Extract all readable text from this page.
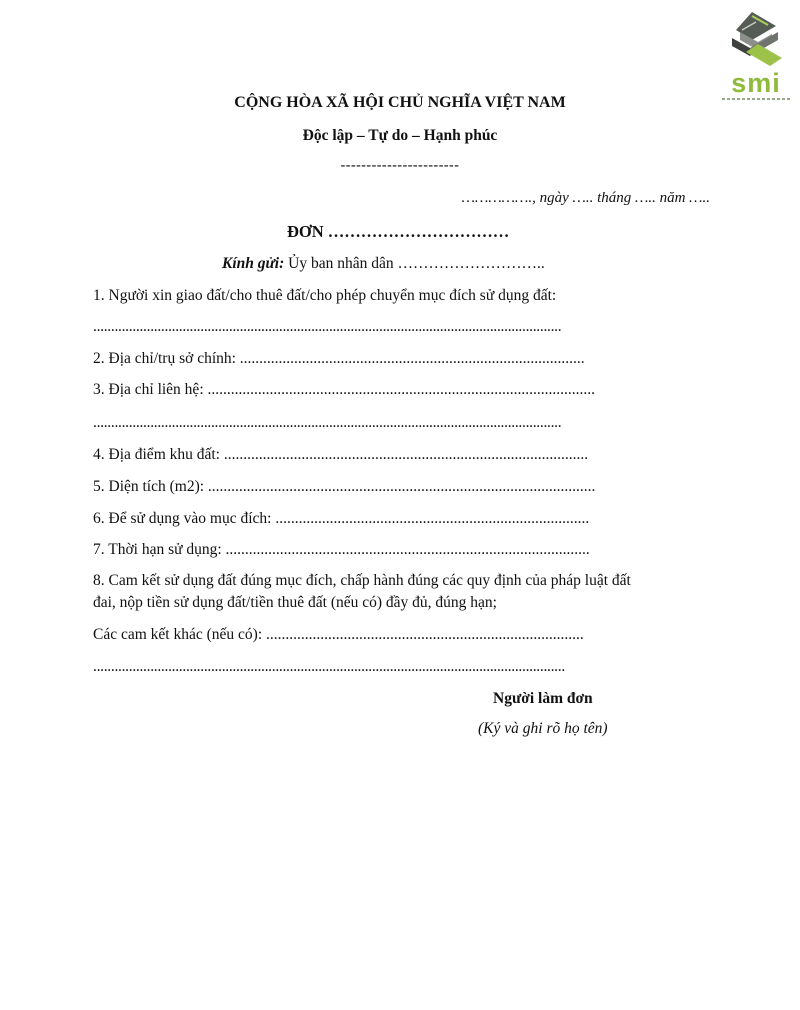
smi
CỘNG HÒA XÃ HỘI CHỦ NGHĨA VIỆT NAM
Độc lập – Tự do – Hạnh phúc
-----------------------
……………., ngày ….. tháng ….. năm …..
ĐƠN ……………………………
Kính gửi: Ủy ban nhân dân ………………………..
1. Người xin giao đất/cho thuê đất/cho phép chuyển mục đích sử dụng đất:
...................................................................................................................................
2. Địa chỉ/trụ sở chính: .........................................................................................
3. Địa chỉ liên hệ: ....................................................................................................
...................................................................................................................................
4. Địa điểm khu đất: ..............................................................................................
5. Diện tích (m2): ....................................................................................................
6. Để sử dụng vào mục đích: .................................................................................
7. Thời hạn sử dụng: ..............................................................................................
8. Cam kết sử dụng đất đúng mục đích, chấp hành đúng các quy định của pháp luật đất
đai, nộp tiền sử dụng đất/tiền thuê đất (nếu có) đầy đủ, đúng hạn;
Các cam kết khác (nếu có): ..................................................................................
....................................................................................................................................
Người làm đơn
(Ký và ghi rõ họ tên)
